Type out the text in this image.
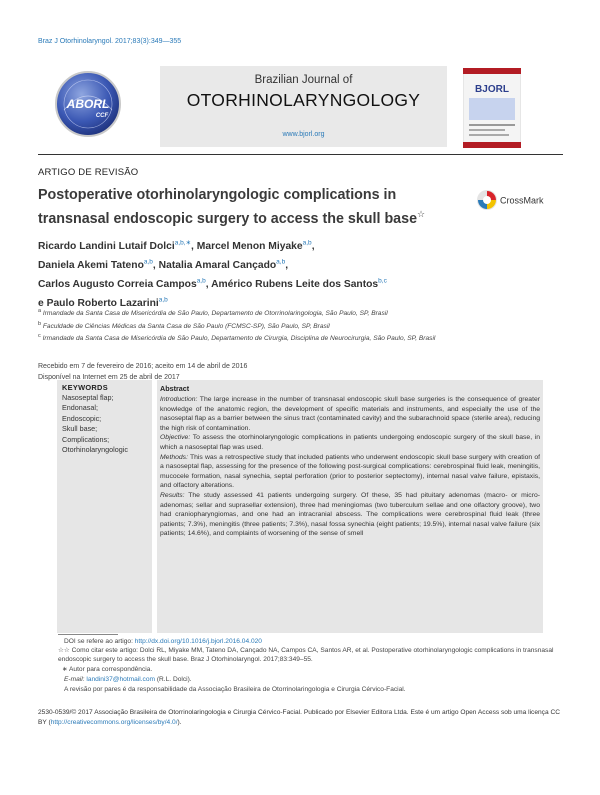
Braz J Otorhinolaryngol. 2017;83(3):349—355
Brazilian Journal of
OTORHINOLARYNGOLOGY
www.bjorl.org
ABORL
CCF
BJORL
ARTIGO DE REVISÃO
Postoperative otorhinolaryngologic complications in
transnasal endoscopic surgery to access the skull base☆
CrossMark
Ricardo Landini Lutaif Dolci$^{a,b,∗}$, Marcel Menon Miyake$^{a,b}$,
Daniela Akemi Tateno$^{a,b}$, Natalia Amaral Cançado$^{a,b}$,
Carlos Augusto Correia Campos$^{a,b}$, Américo Rubens Leite dos Santos$^{b,c}$
e Paulo Roberto Lazarini$^{a,b}$
$^a$ Irmandade da Santa Casa de Misericórdia de São Paulo, Departamento de Otorrinolaringologia, São Paulo, SP, Brasil
$^b$ Faculdade de Ciências Médicas da Santa Casa de São Paulo (FCMSC-SP), São Paulo, SP, Brasil
$^c$ Irmandade da Santa Casa de Misericórdia de São Paulo, Departamento de Cirurgia, Disciplina de Neurocirurgia, São Paulo, SP, Brasil
Recebido em 7 de fevereiro de 2016; aceito em 14 de abril de 2016
Disponível na Internet em 25 de abril de 2017
KEYWORDS
Nasoseptal flap;
Endonasal;
Endoscopic;
Skull base;
Complications;
Otorhinolaryngologic
Abstract

Introduction: The large increase in the number of transnasal endoscopic skull base surgeries is the consequence of greater knowledge of the anatomic region, the development of specific materials and instruments, and especially the use of the nasoseptal flap as a barrier between the sinus tract (contaminated cavity) and the subarachnoid space (sterile area), reducing the high risk of contamination.

Objective: To assess the otorhinolaryngologic complications in patients undergoing endoscopic surgery of the skull base, in which a nasoseptal flap was used.

Methods: This was a retrospective study that included patients who underwent endoscopic skull base surgery with creation of a nasoseptal flap, assessing for the presence of the following post-surgical complications: cerebrospinal fluid leak, meningitis, mucocele formation, nasal synechia, septal perforation (prior to posterior septectomy), internal nasal valve failure, epistaxis, and olfactory alterations.

Results: The study assessed 41 patients undergoing surgery. Of these, 35 had pituitary adenomas (macro- or micro-adenomas; sellar and suprasellar extension), three had meningiomas (two tuberculum sellae and one olfactory groove), two had craniopharyngiomas, and one had an intracranial abscess. The complications were cerebrospinal fluid leak (three patients; 7.3%), meningitis (three patients; 7.3%), nasal fossa synechia (eight patients; 19.5%), internal nasal valve failure (six patients; 14.6%), and complaints of worsening of the sense of smell

DOI se refere ao artigo: http://dx.doi.org/10.1016/j.bjorl.2016.04.020
☆☆ Como citar este artigo: Dolci RL, Miyake MM, Tateno DA, Cançado NA, Campos CA, Santos AR, et al. Postoperative otorhinolaryngologic complications in transnasal endoscopic surgery to access the skull base. Braz J Otorhinolaryngol. 2017;83:349–55.
∗ Autor para correspondência.
E-mail: landini37@hotmail.com (R.L. Dolci).
A revisão por pares é da responsabilidade da Associação Brasileira de Otorrinolaringologia e Cirurgia Cérvico-Facial.
2530-0539/© 2017 Associação Brasileira de Otorrinolaringologia e Cirurgia Cérvico-Facial. Publicado por Elsevier Editora Ltda. Este é um artigo Open Access sob uma licença CC BY (http://creativecommons.org/licenses/by/4.0/).
